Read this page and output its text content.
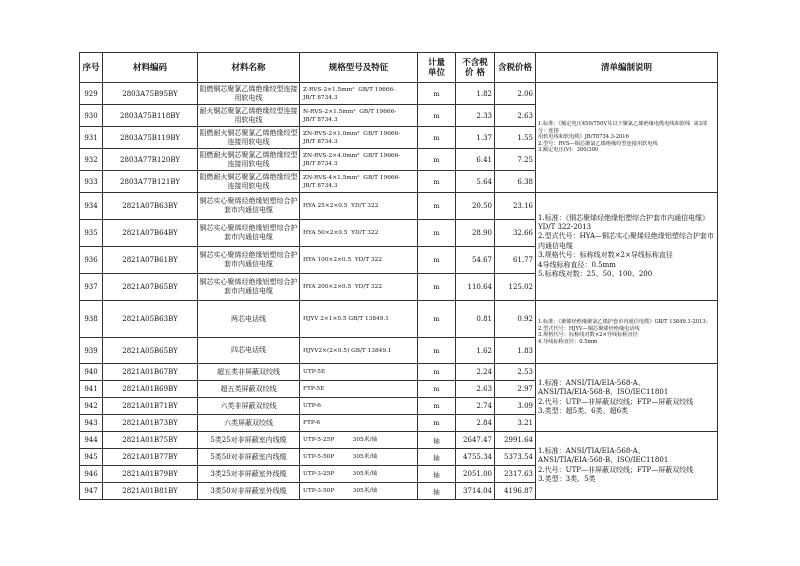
序号	材料编码	材料名称	规格型号及特征	计量
单位	不含税
价 格	含税价格	清单编制说明
929	2803A75B95BY	阻燃铜芯聚氯乙烯绝缘绞型连接用软电线	Z-RVS-2×1.5mm²  GB/T 19666-
JB/T 8734.3	m	1.82	2.06	1.标准：《额定电压450/750V及以下聚氯乙烯绝缘电缆电线和软线  第3部分：连接
用软电线和软电缆》JB/T8734.3-2016
2.型号：RVS—铜芯聚氯乙烯绝缘绞型连接用软电线
3.额定电压(V)：300/300
930	2803A75B118BY	耐火铜芯聚氯乙烯绝缘绞型连接用软电线	N-RVS-2×1.5mm²  GB/T 19666-
JB/T 8734.3	m	2.33	2.63	
931	2803A75B119BY	阻燃耐火铜芯聚氯乙烯绝缘绞型连接用软电线	ZN-RVS-2×1.0mm²  GB/T 19666-
JB/T 8734.3	m	1.37	1.55	
932	2803A77B120BY	阻燃耐火铜芯聚氯乙烯绝缘绞型连接用软电线	ZN-RVS-2×4.0mm²  GB/T 19666-
JB/T 8734.3	m	6.41	7.25	
933	2803A77B121BY	阻燃耐火铜芯聚氯乙烯绝缘绞型连接用软电线	ZN-RVS-4×1.5mm²  GB/T 19666-
JB/T 8734.3	m	5.64	6.38	
934	2821A07B63BY	铜芯实心聚烯烃绝缘铝塑综合护套市内通信电缆	HYA 25×2×0.5  YD/T 322	m	20.50	23.16	1.标准：《铜芯聚烯烃绝缘铝塑综合护套市内通信电缆》YD/T 322-2013
2.型式代号：HYA—铜芯实心聚烯烃绝缘铝塑综合护套市内通信电缆
3.规格代号：标称线对数×2×导线标称直径
4导线标称直径：0.5mm
5.标称线对数：25、50、100、200
935	2821A07B64BY	铜芯实心聚烯烃绝缘铝塑综合护套市内通信电缆	HYA 50×2×0.5  YD/T 322	m	28.90	32.66	
936	2821A07B61BY	铜芯实心聚烯烃绝缘铝塑综合护套市内通信电缆	HYA 100×2×0.5  YD/T 322	m	54.67	61.77	
937	2821A07B65BY	铜芯实心聚烯烃绝缘铝塑综合护套市内通信电缆	HYA 200×2×0.5  YD/T 322	m	110.64	125.02	
938	2821A05B63BY	两芯电话线	HJYV 2×1×0.5 GB/T 13849.1	m	0.81	0.92	1.标准：《聚烯烃绝缘聚氯乙烯护套市内通信电缆》GB/T 13849.1-2013；2.型式代号：HJYV—铜芯聚烯烃绝缘电话线
3.规格代号：标称线对数×2×导线标称直径
4.导线标称直径：0.5mm
939	2821A05B65BY	四芯电话线	HJYV2×(2×0.5) GB/T 13849.1	m	1.62	1.83	
940	2821A01B67BY	超五类非屏蔽双绞线	UTP-5E	m	2.24	2.53	1.标准：ANSI/TIA/EIA-568-A、
ANSI/TIA/EIA-568-B、ISO/IEC11801
2.代号：UTP—非屏蔽双绞线；FTP—屏蔽双绞线
3.类型：超5类、6类、超6类
941	2821A01B69BY	超五类屏蔽双绞线	FTP-5E	m	2.63	2.97	
942	2821A01B71BY	六类非屏蔽双绞线	UTP-6	m	2.74	3.09	
943	2821A01B73BY	六类屏蔽双绞线	FTP-6	m	2.84	3.21	
944	2821A01B75BY	5类25对非屏蔽室内线缆	UTP-5-25P          305米/轴	轴	2647.47	2991.64	1.标准：ANSI/TIA/EIA-568-A、
ANSI/TIA/EIA-568-B、ISO/IEC11801
2.代号：UTP—非屏蔽双绞线；FTP—屏蔽双绞线
3.类型：3类、5类
945	2821A01B77BY	5类50对非屏蔽室内线缆	UTP-5-50P          305米/轴	轴	4755.34	5373.54	
946	2821A01B79BY	3类25对非屏蔽室外线缆	UTP-3-25P          305米/轴	轴	2051.00	2317.63	
947	2821A01B81BY	3类50对非屏蔽室外线缆	UTP-3-50P          305米/轴	轴	3714.04	4196.87	
